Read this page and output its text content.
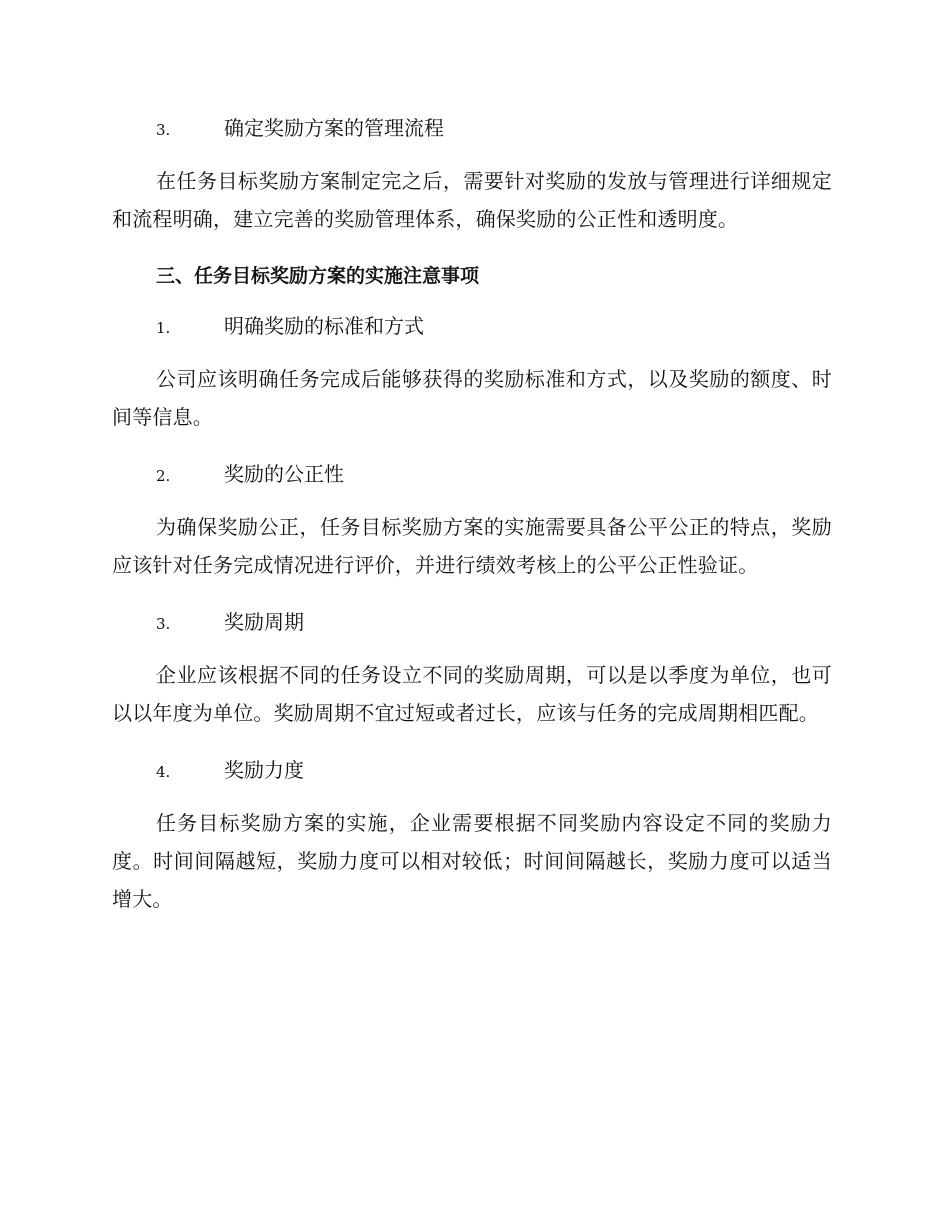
3.	确定奖励方案的管理流程

在任务目标奖励方案制定完之后，需要针对奖励的发放与管理进行详细规定和流程明确，建立完善的奖励管理体系，确保奖励的公正性和透明度。

三、任务目标奖励方案的实施注意事项
1.	明确奖励的标准和方式

公司应该明确任务完成后能够获得的奖励标准和方式，以及奖励的额度、时间等信息。

2.	奖励的公正性

为确保奖励公正，任务目标奖励方案的实施需要具备公平公正的特点，奖励应该针对任务完成情况进行评价，并进行绩效考核上的公平公正性验证。

3.	奖励周期

企业应该根据不同的任务设立不同的奖励周期，可以是以季度为单位，也可以以年度为单位。奖励周期不宜过短或者过长，应该与任务的完成周期相匹配。

4.	奖励力度

任务目标奖励方案的实施，企业需要根据不同奖励内容设定不同的奖励力度。时间间隔越短，奖励力度可以相对较低；时间间隔越长，奖励力度可以适当增大。
